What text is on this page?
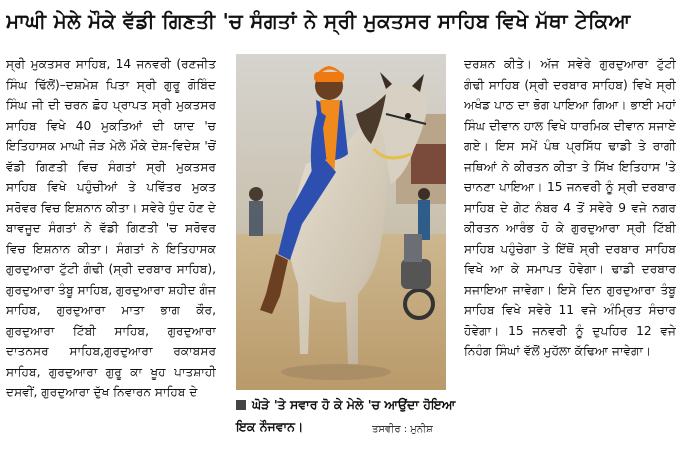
ਮਾਘੀ ਮੇਲੇ ਮੌਕੇ ਵੱਡੀ ਗਿਣਤੀ 'ਚ ਸੰਗਤਾਂ ਨੇ ਸ੍ਰੀ ਮੁਕਤਸਰ ਸਾਹਿਬ ਵਿਖੇ ਮੱਥਾ ਟੇਕਿਆ

ਸ੍ਰੀ ਮੁਕਤਸਰ ਸਾਹਿਬ, 14 ਜਨਵਰੀ (ਰਣਜੀਤ ਸਿੰਘ ਢਿੱਲੋਂ)–ਦਸ਼ਮੇਸ਼ ਪਿਤਾ ਸ੍ਰੀ ਗੁਰੂ ਗੋਬਿੰਦ ਸਿੰਘ ਜੀ ਦੀ ਚਰਨ ਛੋਹ ਪ੍ਰਾਪਤ ਸ੍ਰੀ ਮੁਕਤਸਰ ਸਾਹਿਬ ਵਿਖੇ 40 ਮੁਕਤਿਆਂ ਦੀ ਯਾਦ 'ਚ ਇਤਿਹਾਸਕ ਮਾਘੀ ਜੋੜ ਮੇਲੇ ਮੌਕੇ ਦੇਸ਼-ਵਿਦੇਸ਼ 'ਚੋਂ ਵੱਡੀ ਗਿਣਤੀ ਵਿਚ ਸੰਗਤਾਂ ਸ੍ਰੀ ਮੁਕਤਸਰ ਸਾਹਿਬ ਵਿਖੇ ਪਹੁੰਚੀਆਂ ਤੇ ਪਵਿੱਤਰ ਮੁਕਤ ਸਰੋਵਰ ਵਿਚ ਇਸ਼ਨਾਨ ਕੀਤਾ। ਸਵੇਰੇ ਧੁੰਦ ਹੋਣ ਦੇ ਬਾਵਜੂਦ ਸੰਗਤਾਂ ਨੇ ਵੱਡੀ ਗਿਣਤੀ 'ਚ ਸਰੋਵਰ ਵਿਚ ਇਸ਼ਨਾਨ ਕੀਤਾ। ਸੰਗਤਾਂ ਨੇ ਇਤਿਹਾਸਕ ਗੁਰਦੁਆਰਾ ਟੁੱਟੀ ਗੰਢੀ (ਸ੍ਰੀ ਦਰਬਾਰ ਸਾਹਿਬ), ਗੁਰਦੁਆਰਾ ਤੰਬੂ ਸਾਹਿਬ, ਗੁਰਦੁਆਰਾ ਸ਼ਹੀਦ ਗੰਜ ਸਾਹਿਬ, ਗੁਰਦੁਆਰਾ ਮਾਤਾ ਭਾਗ ਕੌਰ, ਗੁਰਦੁਆਰਾ ਟਿੱਬੀ ਸਾਹਿਬ, ਗੁਰਦੁਆਰਾ ਦਾਤਨਸਰ ਸਾਹਿਬ,ਗੁਰਦੁਆਰਾ ਰਕਾਬਸਰ ਸਾਹਿਬ, ਗੁਰਦੁਆਰਾ ਗੁਰੂ ਕਾ ਖੂਹ ਪਾਤਸ਼ਾਹੀ ਦਸਵੀਂ, ਗੁਰਦੁਆਰਾ ਦੁੱਖ ਨਿਵਾਰਨ ਸਾਹਿਬ ਦੇ

ਘੋੜੇ 'ਤੇ ਸਵਾਰ ਹੋ ਕੇ ਮੇਲੇ 'ਚ ਆਉਂਦਾ ਹੋਇਆ ਇਕ ਨੌਜਵਾਨ।	ਤਸਵੀਰ : ਮੁਨੀਸ਼

ਦਰਸ਼ਨ ਕੀਤੇ। ਅੱਜ ਸਵੇਰੇ ਗੁਰਦੁਆਰਾ ਟੁੱਟੀ ਗੰਢੀ ਸਾਹਿਬ (ਸ੍ਰੀ ਦਰਬਾਰ ਸਾਹਿਬ) ਵਿਖੇ ਸ੍ਰੀ ਅਖੰਡ ਪਾਠ ਦਾ ਭੋਗ ਪਾਇਆ ਗਿਆ। ਭਾਈ ਮਹਾਂ ਸਿੰਘ ਦੀਵਾਨ ਹਾਲ ਵਿਖੇ ਧਾਰਮਿਕ ਦੀਵਾਨ ਸਜਾਏ ਗਏ। ਇਸ ਸਮੇਂ ਪੰਥ ਪ੍ਰਸਿੱਧ ਢਾਡੀ ਤੇ ਰਾਗੀ ਜਥਿਆਂ ਨੇ ਕੀਰਤਨ ਕੀਤਾ ਤੇ ਸਿੱਖ ਇਤਿਹਾਸ 'ਤੇ ਚਾਨਣਾ ਪਾਇਆ। 15 ਜਨਵਰੀ ਨੂੰ ਸ੍ਰੀ ਦਰਬਾਰ ਸਾਹਿਬ ਦੇ ਗੇਟ ਨੰਬਰ 4 ਤੋਂ ਸਵੇਰੇ 9 ਵਜੇ ਨਗਰ ਕੀਰਤਨ ਆਰੰਭ ਹੋ ਕੇ ਗੁਰਦੁਆਰਾ ਸ੍ਰੀ ਟਿੱਬੀ ਸਾਹਿਬ ਪਹੁੰਚੇਗਾ ਤੇ ਇੱਥੋਂ ਸ੍ਰੀ ਦਰਬਾਰ ਸਾਹਿਬ ਵਿਖੇ ਆ ਕੇ ਸਮਾਪਤ ਹੋਵੇਗਾ। ਢਾਡੀ ਦਰਬਾਰ ਸਜਾਇਆ ਜਾਵੇਗਾ। ਇਸੇ ਦਿਨ ਗੁਰਦੁਆਰਾ ਤੰਬੂ ਸਾਹਿਬ ਵਿਖੇ ਸਵੇਰੇ 11 ਵਜੇ ਅੰਮ੍ਰਿਤ ਸੰਚਾਰ ਹੋਵੇਗਾ। 15 ਜਨਵਰੀ ਨੂੰ ਦੁਪਹਿਰ 12 ਵਜੇ ਨਿਹੰਗ ਸਿੰਘਾਂ ਵੱਲੋਂ ਮੁਹੱਲਾ ਕੱਢਿਆ ਜਾਵੇਗਾ।
